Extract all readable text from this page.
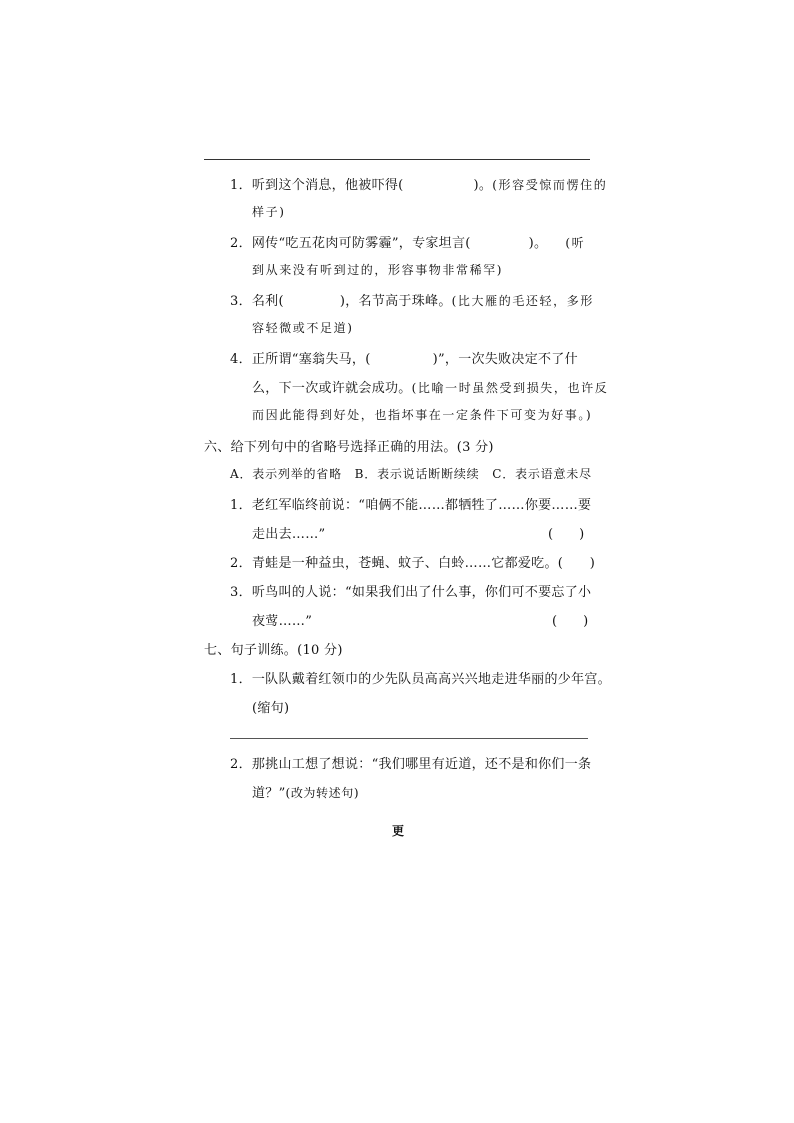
1．听到这个消息，他被吓得(	)。(形容受惊而愣住的
样子)
2．网传“吃五花肉可防雾霾”，专家坦言(	)。 (听
到从来没有听到过的，形容事物非常稀罕)
3．名利(	)，名节高于珠峰。(比大雁的毛还轻，多形
容轻微或不足道)
4．正所谓“塞翁失马，(	)”，一次失败决定不了什
么，下一次或许就会成功。(比喻一时虽然受到损失，也许反
而因此能得到好处，也指坏事在一定条件下可变为好事。)
六、给下列句中的省略号选择正确的用法。(3 分)
A．表示列举的省略　B．表示说话断断续续　C．表示语意未尽
1．老红军临终前说：“咱俩不能……都牺牲了……你要……要
走出去……”	(　　)
2．青蛙是一种益虫，苍蝇、蚊子、白蛉……它都爱吃。(　　)
3．听鸟叫的人说：“如果我们出了什么事，你们可不要忘了小
夜莺……”	(　　)
七、句子训练。(10 分)
1．一队队戴着红领巾的少先队员高高兴兴地走进华丽的少年宫。
(缩句)
2．那挑山工想了想说：“我们哪里有近道，还不是和你们一条
道？”(改为转述句)
更
